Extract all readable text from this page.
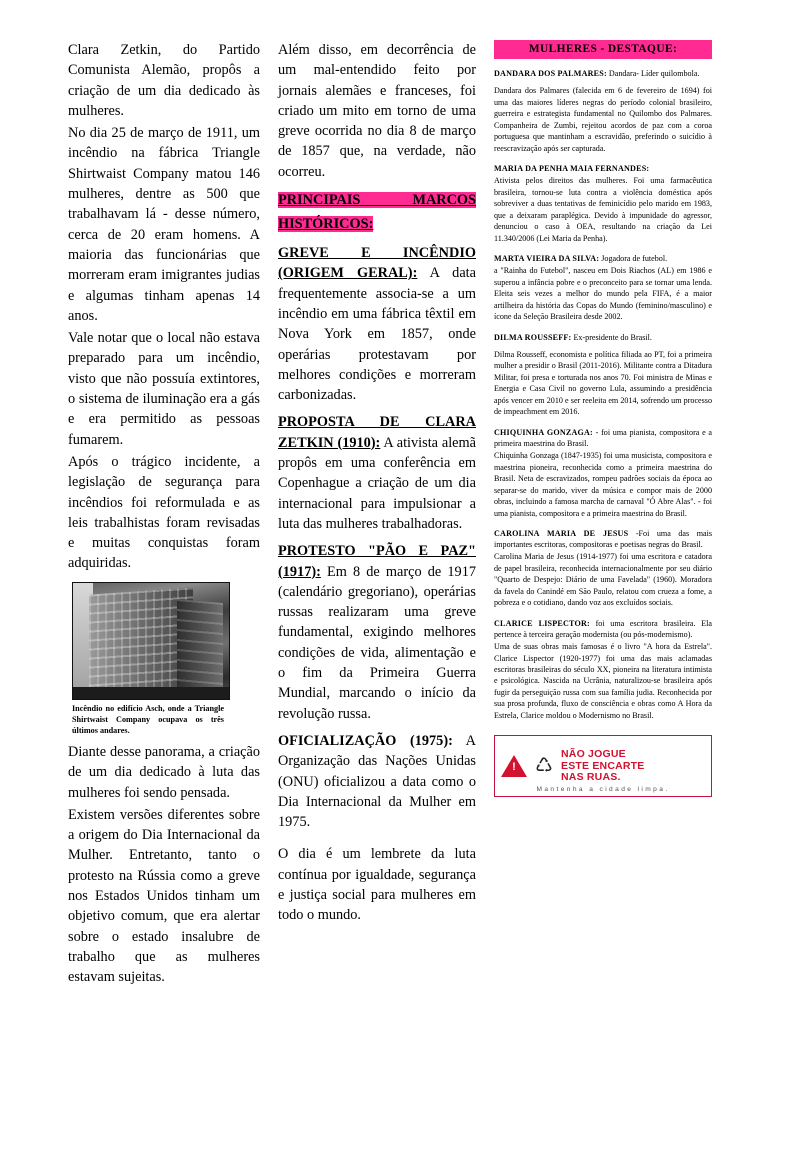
Clara Zetkin, do Partido Comunista Alemão, propôs a criação de um dia dedicado às mulheres.

No dia 25 de março de 1911, um incêndio na fábrica Triangle Shirtwaist Company matou 146 mulheres, dentre as 500 que trabalhavam lá - desse número, cerca de 20 eram homens. A maioria das funcionárias que morreram eram imigrantes judias e algumas tinham apenas 14 anos.

Vale notar que o local não estava preparado para um incêndio, visto que não possuía extintores, o sistema de iluminação era a gás e era permitido as pessoas fumarem.

Após o trágico incidente, a legislação de segurança para incêndios foi reformulada e as leis trabalhistas foram revisadas e muitas conquistas foram adquiridas.

Incêndio no edifício Asch, onde a Triangle Shirtwaist Company ocupava os três últimos andares.

Diante desse panorama, a criação de um dia dedicado à luta das mulheres foi sendo pensada.

Existem versões diferentes sobre a origem do Dia Internacional da Mulher. Entretanto, tanto o protesto na Rússia como a greve nos Estados Unidos tinham um objetivo comum, que era alertar sobre o estado insalubre de trabalho que as mulheres estavam sujeitas.

Além disso, em decorrência de um mal-entendido feito por jornais alemães e franceses, foi criado um mito em torno de uma greve ocorrida no dia 8 de março de 1857 que, na verdade, não ocorreu.

PRINCIPAIS MARCOS HISTÓRICOS:
GREVE E INCÊNDIO (ORIGEM GERAL): A data frequentemente associa-se a um incêndio em uma fábrica têxtil em Nova York em 1857, onde operárias protestavam por melhores condições e morreram carbonizadas.
PROPOSTA DE CLARA ZETKIN (1910): A ativista alemã propôs em uma conferência em Copenhague a criação de um dia internacional para impulsionar a luta das mulheres trabalhadoras.
PROTESTO "PÃO E PAZ" (1917): Em 8 de março de 1917 (calendário gregoriano), operárias russas realizaram uma greve fundamental, exigindo melhores condições de vida, alimentação e o fim da Primeira Guerra Mundial, marcando o início da revolução russa.
OFICIALIZAÇÃO (1975): A Organização das Nações Unidas (ONU) oficializou a data como o Dia Internacional da Mulher em 1975.

O dia é um lembrete da luta contínua por igualdade, segurança e justiça social para mulheres em todo o mundo.

MULHERES - DESTAQUE:
DANDARA DOS PALMARES: Dandara- Líder quilombola.
Dandara dos Palmares (falecida em 6 de fevereiro de 1694) foi uma das maiores líderes negras do período colonial brasileiro, guerreira e estrategista fundamental no Quilombo dos Palmares. Companheira de Zumbi, rejeitou acordos de paz com a coroa portuguesa que mantinham a escravidão, preferindo o suicídio à reescravização após ser capturada.
MARIA DA PENHA MAIA FERNANDES:
Ativista pelos direitos das mulheres. Foi uma farmacêutica brasileira, tornou-se luta contra a violência doméstica após sobreviver a duas tentativas de feminicídio pelo marido em 1983, que a deixaram paraplégica. Devido à impunidade do agressor, denunciou o caso à OEA, resultando na criação da Lei 11.340/2006 (Lei Maria da Penha).
MARTA VIEIRA DA SILVA: Jogadora de futebol.
a "Rainha do Futebol", nasceu em Dois Riachos (AL) em 1986 e superou a infância pobre e o preconceito para se tornar uma lenda. Eleita seis vezes a melhor do mundo pela FIFA, é a maior artilheira da história das Copas do Mundo (feminino/masculino) e ícone da Seleção Brasileira desde 2002.
DILMA ROUSSEFF: Ex-presidente do Brasil.
Dilma Rousseff, economista e política filiada ao PT, foi a primeira mulher a presidir o Brasil (2011-2016). Militante contra a Ditadura Militar, foi presa e torturada nos anos 70. Foi ministra de Minas e Energia e Casa Civil no governo Lula, assumindo a presidência após vencer em 2010 e ser reeleita em 2014, sofrendo um processo de impeachment em 2016.
CHIQUINHA GONZAGA: - foi uma pianista, compositora e a primeira maestrina do Brasil.
Chiquinha Gonzaga (1847-1935) foi uma musicista, compositora e maestrina pioneira, reconhecida como a primeira maestrina do Brasil. Neta de escravizados, rompeu padrões sociais da época ao separar-se do marido, viver da música e compor mais de 2000 obras, incluindo a famosa marcha de carnaval "Ó Abre Alas". - foi uma pianista, compositora e a primeira maestrina do Brasil.
CAROLINA MARIA DE JESUS -Foi uma das mais importantes escritoras, compositoras e poetisas negras do Brasil.
Carolina Maria de Jesus (1914-1977) foi uma escritora e catadora de papel brasileira, reconhecida internacionalmente por seu diário "Quarto de Despejo: Diário de uma Favelada" (1960). Moradora da favela do Canindé em São Paulo, relatou com crueza a fome, a pobreza e o cotidiano, dando voz aos excluídos sociais.
CLARICE LISPECTOR: foi uma escritora brasileira. Ela pertence à terceira geração modernista (ou pós-modernismo).
Uma de suas obras mais famosas é o livro "A hora da Estrela". Clarice Lispector (1920-1977) foi uma das mais aclamadas escritoras brasileiras do século XX, pioneira na literatura intimista e psicológica. Nascida na Ucrânia, naturalizou-se brasileira após fugir da perseguição russa com sua família judia. Reconhecida por sua prosa profunda, fluxo de consciência e obras como A Hora da Estrela, Clarice moldou o Modernismo no Brasil.
! ♺
NÃO JOGUE
ESTE ENCARTE
NAS RUAS.
Mantenha a cidade limpa.
